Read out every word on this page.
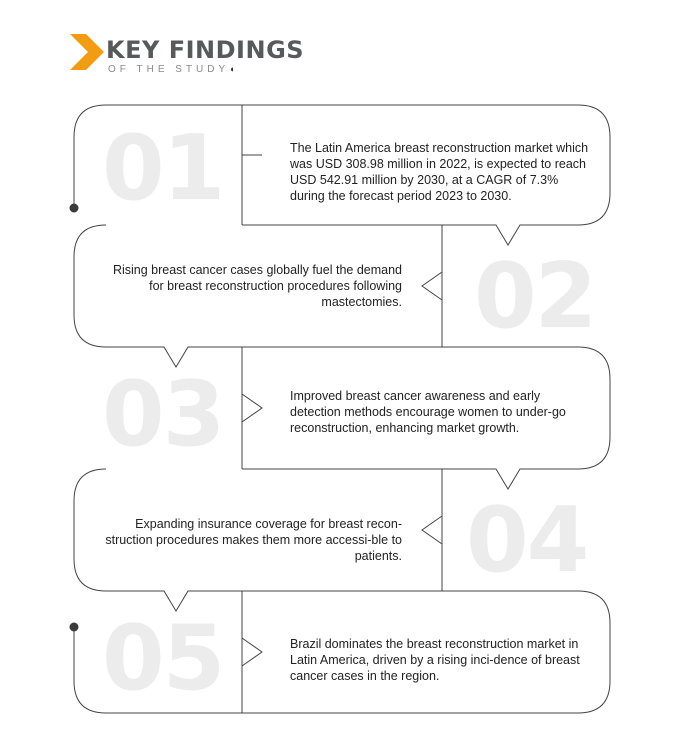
KEY FINDINGS
OF THE STUDY◖
01
02
03
04
05
The Latin America breast reconstruction market which was USD 308.98 million in 2022, is expected to reach USD 542.91 million by 2030, at a CAGR of 7.3% during the forecast period 2023 to 2030.
Rising breast cancer cases globally fuel the demand for breast reconstruction procedures following mastectomies.
Improved breast cancer awareness and early detection methods encourage women to under-go reconstruction, enhancing market growth.
Expanding insurance coverage for breast recon-struction procedures makes them more accessi-ble to patients.
Brazil dominates the breast reconstruction market in Latin America, driven by a rising inci-dence of breast cancer cases in the region.
